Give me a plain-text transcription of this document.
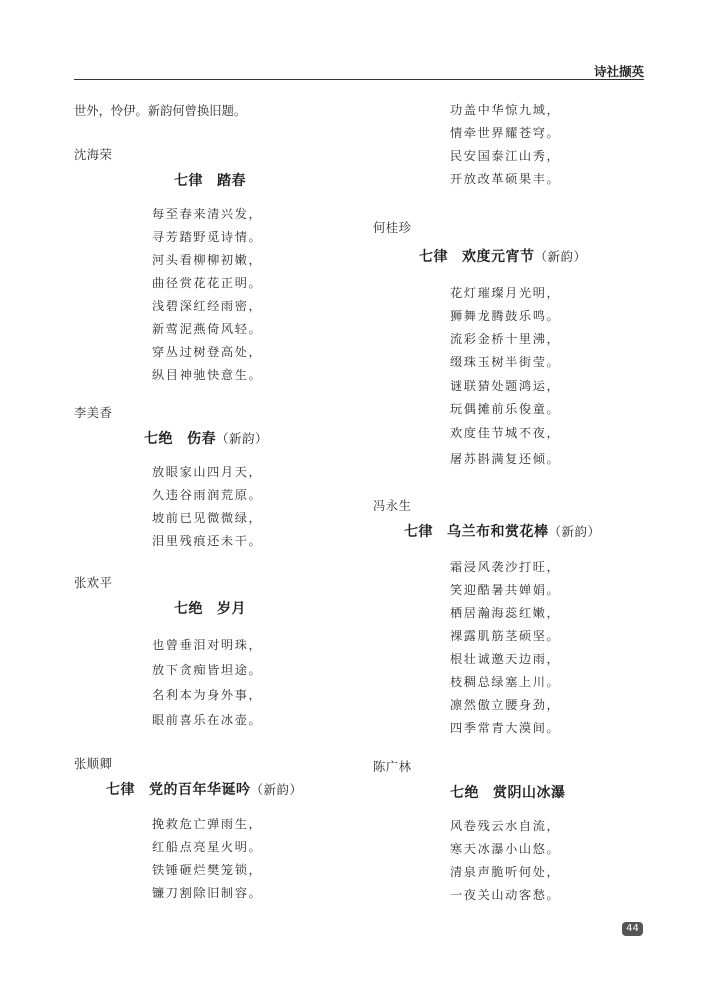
诗社撷英
世外，怜伊。新韵何曾换旧题。
沈海荣
七律 踏春
每至春来清兴发，
寻芳踏野觅诗情。
河头看柳柳初嫩，
曲径赏花花正明。
浅碧深红经雨密，
新莺泥燕倚风轻。
穿丛过树登高处，
纵目神驰快意生。
李美香
七绝 伤春（新韵）
放眼家山四月天，
久违谷雨润荒原。
坡前已见微微绿，
泪里残痕还未干。
张欢平
七绝 岁月
也曾垂泪对明珠，
放下贪痴皆坦途。
名利本为身外事，
眼前喜乐在冰壶。
张顺卿
七律 党的百年华诞吟（新韵）
挽救危亡弹雨生，
红船点亮星火明。
铁锤砸烂樊笼锁，
镰刀割除旧制容。
功盖中华惊九域，
情牵世界耀苍穹。
民安国泰江山秀，
开放改革硕果丰。
何桂珍
七律 欢度元宵节（新韵）
花灯璀璨月光明，
狮舞龙腾鼓乐鸣。
流彩金桥十里沸，
缀珠玉树半街莹。
谜联猜处题鸿运，
玩偶摊前乐俊童。
欢度佳节城不夜，
屠苏斟满复还倾。
冯永生
七律 乌兰布和赏花棒（新韵）
霜浸风袭沙打旺，
笑迎酷暑共婵娟。
栖居瀚海蕊红嫩，
裸露肌筋茎硕坚。
根壮诚邀天边雨，
枝稠总绿塞上川。
凛然傲立腰身劲，
四季常青大漠间。
陈广林
七绝 赏阴山冰瀑
风卷残云水自流，
寒天冰瀑小山悠。
清泉声脆听何处，
一夜关山动客愁。
44
